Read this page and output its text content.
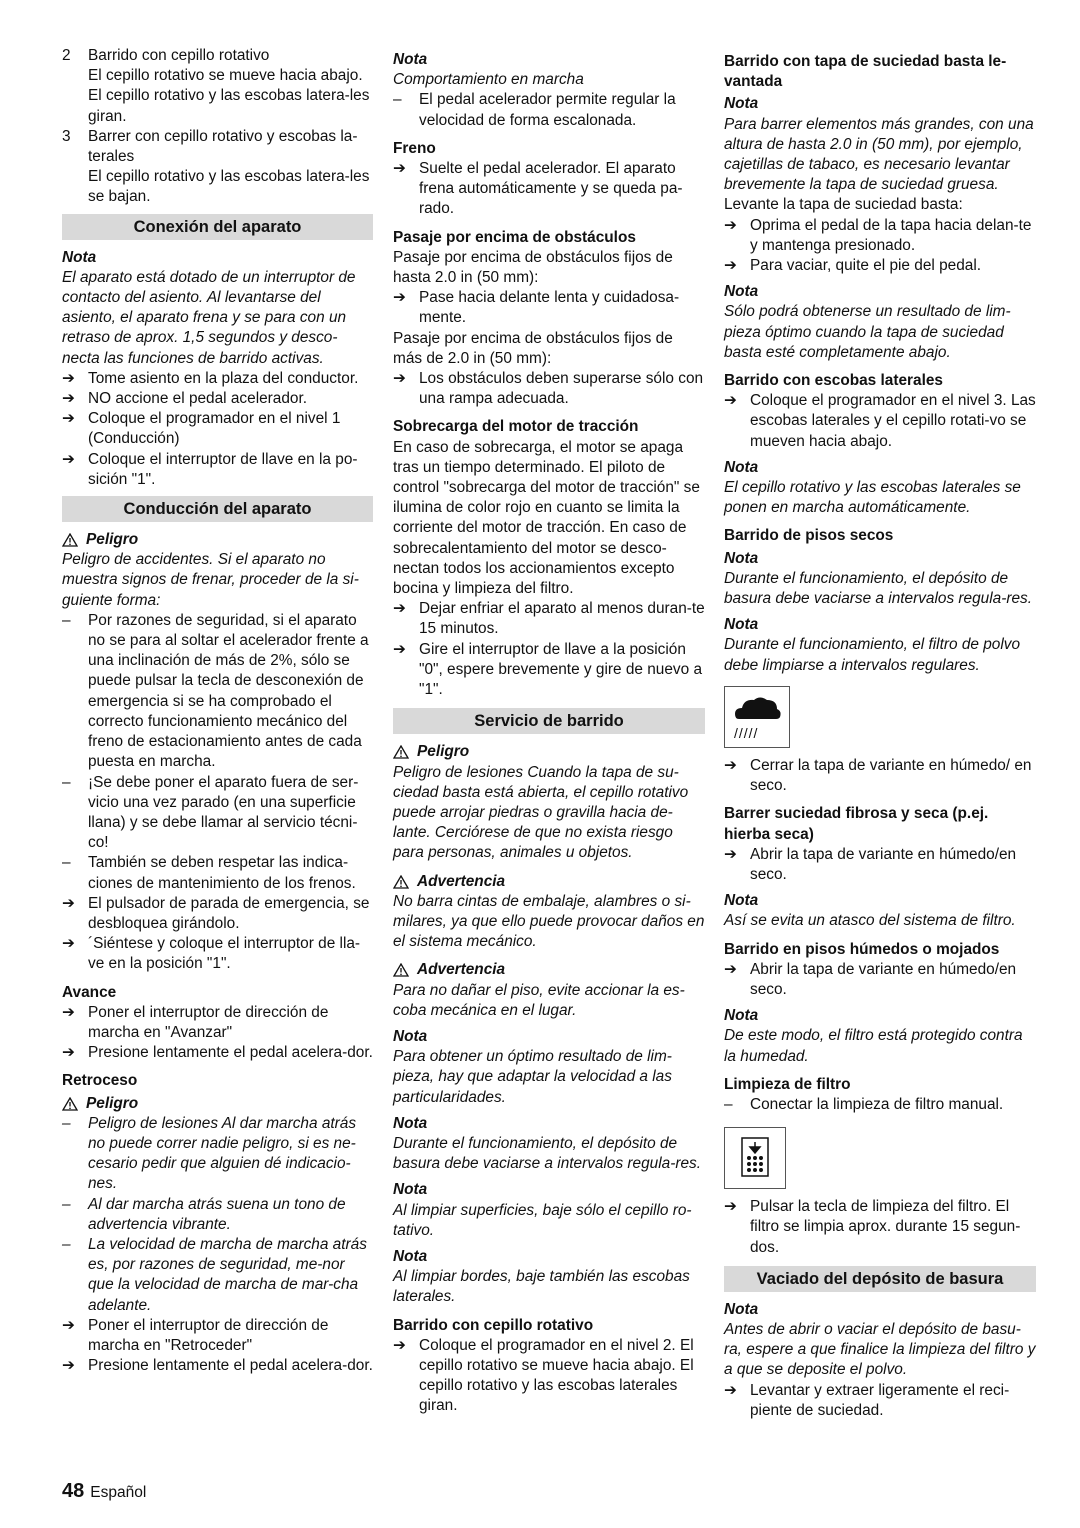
2	Barrido con cepillo rotativo

El cepillo rotativo se mueve hacia abajo. El cepillo rotativo y las escobas latera-les giran.

3	Barrer con cepillo rotativo y escobas la-terales

El cepillo rotativo y las escobas latera-les se bajan.

Conexión del aparato

Nota

El aparato está dotado de un interruptor de contacto del asiento. Al levantarse del asiento, el aparato frena y se para con un retraso de aprox. 1,5 segundos y desco-necta las funciones de barrido activas.

➔ Tome asiento en la plaza del conductor.
➔ NO accione el pedal acelerador.
➔ Coloque el programador en el nivel 1 (Conducción)
➔ Coloque el interruptor de llave en la po-sición "1".
Conducción del aparato
Peligro

Peligro de accidentes. Si el aparato no muestra signos de frenar, proceder de la si-guiente forma:

–	Por razones de seguridad, si el aparato no se para al soltar el acelerador frente a una inclinación de más de 2%, sólo se puede pulsar la tecla de desconexión de emergencia si se ha comprobado el correcto funcionamiento mecánico del freno de estacionamiento antes de cada puesta en marcha.
–	¡Se debe poner el aparato fuera de ser-vicio una vez parado (en una superficie llana) y se debe llamar al servicio técni-co!
–	También se deben respetar las indica-ciones de mantenimiento de los frenos.
➔ El pulsador de parada de emergencia, se desbloquea girándolo.
➔ ´Siéntese y coloque el interruptor de lla-ve en la posición "1".

Avance

➔ Poner el interruptor de dirección de marcha en "Avanzar"
➔ Presione lentamente el pedal acelera-dor.

Retroceso

Peligro
–	Peligro de lesiones Al dar marcha atrás no puede correr nadie peligro, si es ne-cesario pedir que alguien dé indicacio-nes.
–	Al dar marcha atrás suena un tono de advertencia vibrante.
–	La velocidad de marcha de marcha atrás es, por razones de seguridad, me-nor que la velocidad de marcha de mar-cha adelante.
➔ Poner el interruptor de dirección de marcha en "Retroceder"
➔ Presione lentamente el pedal acelera-dor.

Nota

Comportamiento en marcha

–	El pedal acelerador permite regular la velocidad de forma escalonada.

Freno

➔ Suelte el pedal acelerador. El aparato frena automáticamente y se queda pa-rado.

Pasaje por encima de obstáculos

Pasaje por encima de obstáculos fijos de hasta 2.0 in (50 mm):

➔ Pase hacia delante lenta y cuidadosa-mente.

Pasaje por encima de obstáculos fijos de más de 2.0 in (50 mm):

➔ Los obstáculos deben superarse sólo con una rampa adecuada.

Sobrecarga del motor de tracción

En caso de sobrecarga, el motor se apaga tras un tiempo determinado. El piloto de control "sobrecarga del motor de tracción" se ilumina de color rojo en cuanto se limita la corriente del motor de tracción. En caso de sobrecalentamiento del motor se desco-nectan todos los accionamientos excepto bocina y limpieza del filtro.

➔ Dejar enfriar el aparato al menos duran-te 15 minutos.
➔ Gire el interruptor de llave a la posición "0", espere brevemente y gire de nuevo a "1".
Servicio de barrido
Peligro

Peligro de lesiones Cuando la tapa de su-ciedad basta está abierta, el cepillo rotativo puede arrojar piedras o gravilla hacia de-lante. Cerciórese de que no exista riesgo para personas, animales u objetos.

Advertencia

No barra cintas de embalaje, alambres o si-milares, ya que ello puede provocar daños en el sistema mecánico.

Advertencia

Para no dañar el piso, evite accionar la es-coba mecánica en el lugar.

Nota

Para obtener un óptimo resultado de lim-pieza, hay que adaptar la velocidad a las particularidades.

Nota

Durante el funcionamiento, el depósito de basura debe vaciarse a intervalos regula-res.

Nota

Al limpiar superficies, baje sólo el cepillo ro-tativo.

Nota

Al limpiar bordes, baje también las escobas laterales.

Barrido con cepillo rotativo

➔ Coloque el programador en el nivel 2. El cepillo rotativo se mueve hacia abajo. El cepillo rotativo y las escobas laterales giran.

Barrido con tapa de suciedad basta le-vantada

Nota

Para barrer elementos más grandes, con una altura de hasta 2.0 in (50 mm), por ejemplo, cajetillas de tabaco, es necesario levantar brevemente la tapa de suciedad gruesa.

Levante la tapa de suciedad basta:

➔ Oprima el pedal de la tapa hacia delan-te y mantenga presionado.
➔ Para vaciar, quite el pie del pedal.

Nota

Sólo podrá obtenerse un resultado de lim-pieza óptimo cuando la tapa de suciedad basta esté completamente abajo.

Barrido con escobas laterales

➔ Coloque el programador en el nivel 3. Las escobas laterales y el cepillo rotati-vo se mueven hacia abajo.

Nota

El cepillo rotativo y las escobas laterales se ponen en marcha automáticamente.

Barrido de pisos secos

Nota

Durante el funcionamiento, el depósito de basura debe vaciarse a intervalos regula-res.

Nota

Durante el funcionamiento, el filtro de polvo debe limpiarse a intervalos regulares.

/////
➔ Cerrar la tapa de variante en húmedo/ en seco.

Barrer suciedad fibrosa y seca (p.ej. hierba seca)

➔ Abrir la tapa de variante en húmedo/en seco.

Nota

Así se evita un atasco del sistema de filtro.

Barrido en pisos húmedos o mojados

➔ Abrir la tapa de variante en húmedo/en seco.

Nota

De este modo, el filtro está protegido contra la humedad.

Limpieza de filtro

–	Conectar la limpieza de filtro manual.
➔ Pulsar la tecla de limpieza del filtro. El filtro se limpia aprox. durante 15 segun-dos.
Vaciado del depósito de basura

Nota

Antes de abrir o vaciar el depósito de basu-ra, espere a que finalice la limpieza del filtro y a que se deposite el polvo.

➔ Levantar y extraer ligeramente el reci-piente de suciedad.
48 Español
